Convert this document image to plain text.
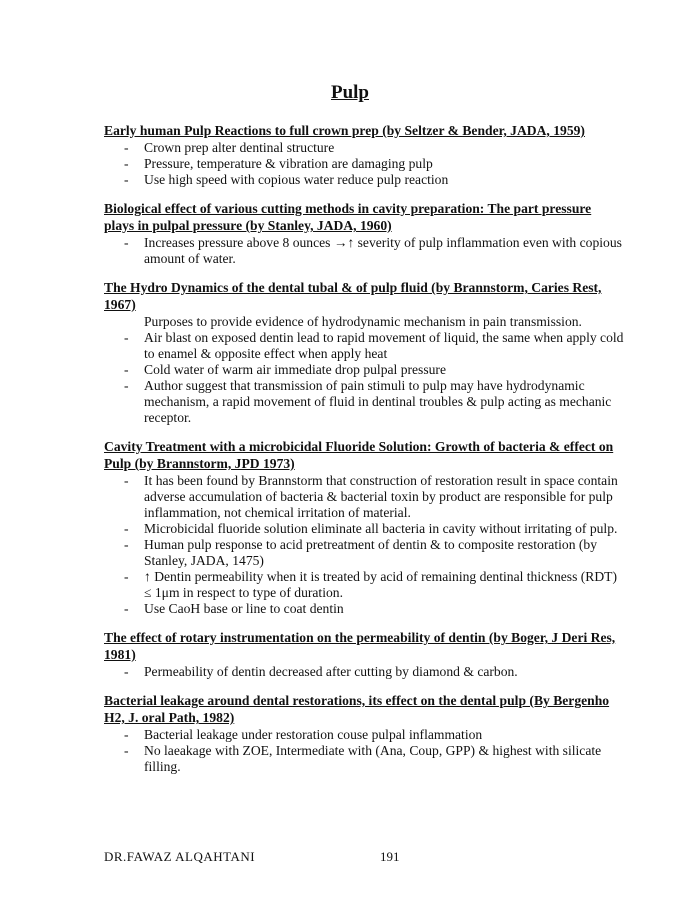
Pulp
Early human Pulp Reactions to full crown prep (by Seltzer & Bender, JADA, 1959)
- Crown prep alter dentinal structure
- Pressure, temperature & vibration are damaging pulp
- Use high speed with copious water reduce pulp reaction
Biological effect of various cutting methods in cavity preparation: The part pressure plays in pulpal pressure (by Stanley, JADA, 1960)
- Increases pressure above 8 ounces →↑ severity of pulp inflammation even with copious amount of water.
The Hydro Dynamics of the dental tubal & of pulp fluid (by Brannstorm, Caries Rest, 1967)
Purposes to provide evidence of hydrodynamic mechanism in pain transmission.
- Air blast on exposed dentin lead to rapid movement of liquid, the same when apply cold to enamel & opposite effect when apply heat
- Cold water of warm air immediate drop pulpal pressure
- Author suggest that transmission of pain stimuli to pulp may have hydrodynamic mechanism, a rapid movement of fluid in dentinal troubles & pulp acting as mechanic receptor.
Cavity Treatment with a microbicidal Fluoride Solution: Growth of bacteria & effect on Pulp (by Brannstorm, JPD 1973)
- It has been found by Brannstorm that construction of restoration result in space contain adverse accumulation of bacteria & bacterial toxin by product are responsible for pulp inflammation, not chemical irritation of material.
- Microbicidal fluoride solution eliminate all bacteria in cavity without irritating of pulp.
- Human pulp response to acid pretreatment of dentin & to composite restoration (by Stanley, JADA, 1475)
- ↑ Dentin permeability when it is treated by acid of remaining dentinal thickness (RDT) ≤ 1μm in respect to type of duration.
- Use CaoH base or line to coat dentin
The effect of rotary instrumentation on the permeability of dentin (by Boger, J Deri Res, 1981)
- Permeability of dentin decreased after cutting by diamond & carbon.
Bacterial leakage around dental restorations, its effect on the dental pulp (By Bergenho H2, J. oral Path, 1982)
- Bacterial leakage under restoration couse pulpal inflammation
- No laeakage with ZOE, Intermediate with (Ana, Coup, GPP) & highest with silicate filling.
DR.FAWAZ ALQAHTANI	191
